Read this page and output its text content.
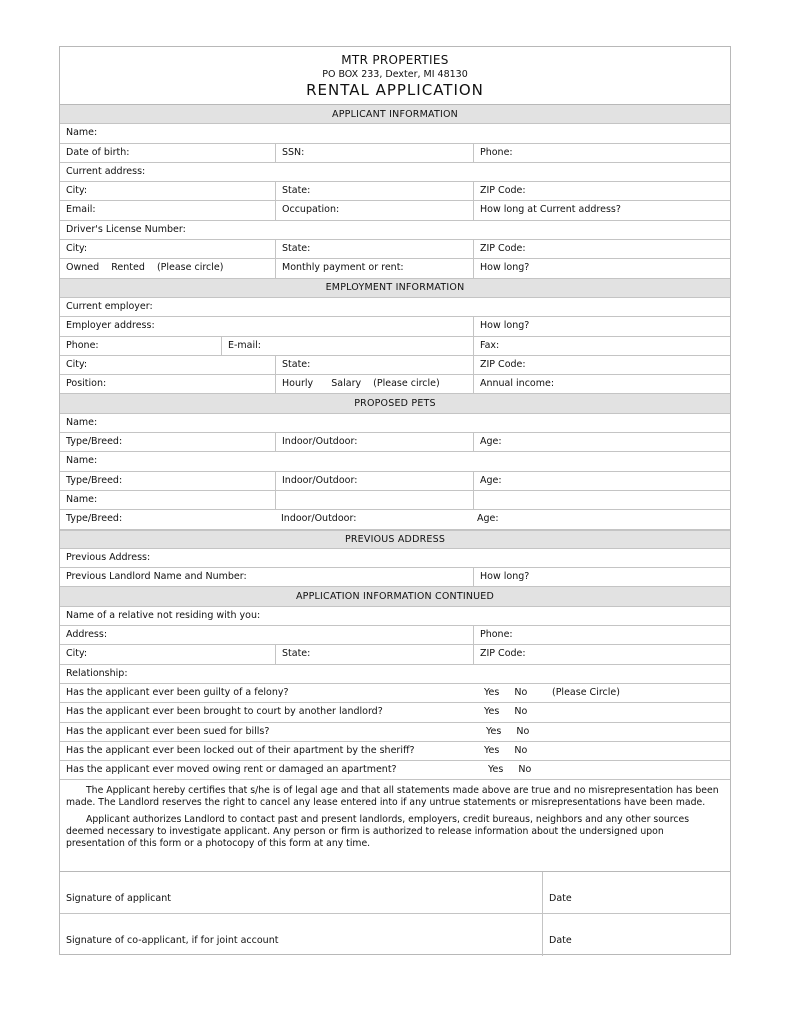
MTR PROPERTIES
PO BOX 233, Dexter, MI 48130
RENTAL APPLICATION
APPLICANT INFORMATION
Name:
Date of birth:	SSN:	Phone:
Current address:
City:	State:	ZIP Code:
Email:	Occupation:	How long at Current address?
Driver's License Number:
City:	State:	ZIP Code:
Owned    Rented    (Please circle)	Monthly payment or rent:	How long?
EMPLOYMENT INFORMATION
Current employer:
Employer address:	How long?
Phone:	E-mail:	Fax:
City:	State:	ZIP Code:
Position:	Hourly      Salary    (Please circle)	Annual income:
PROPOSED PETS
Name:
Type/Breed:	Indoor/Outdoor:	Age:
Name:
Type/Breed:	Indoor/Outdoor:	Age:
Name:
Type/Breed:	Indoor/Outdoor:	Age:
PREVIOUS ADDRESS
Previous Address:
Previous Landlord Name and Number:	How long?
APPLICATION INFORMATION CONTINUED
Name of a relative not residing with you:
Address:	Phone:
City:	State:	ZIP Code:
Relationship:
Has the applicant ever been guilty of a felony?	Yes     No	(Please Circle)
Has the applicant ever been brought to court by another landlord?	Yes     No
Has the applicant ever been sued for bills?	Yes     No
Has the applicant ever been locked out of their apartment by the sheriff?	Yes     No
Has the applicant ever moved owing rent or damaged an apartment?	Yes     No

The Applicant hereby certifies that s/he is of legal age and that all statements made above are true and no misrepresentation has been made. The Landlord reserves the right to cancel any lease entered into if any untrue statements or misrepresentations have been made.

Applicant authorizes Landlord to contact past and present landlords, employers, credit bureaus, neighbors and any other sources deemed necessary to investigate applicant. Any person or firm is authorized to release information about the undersigned upon presentation of this form or a photocopy of this form at any time.

Signature of applicant	Date
Signature of co-applicant, if for joint account	Date
